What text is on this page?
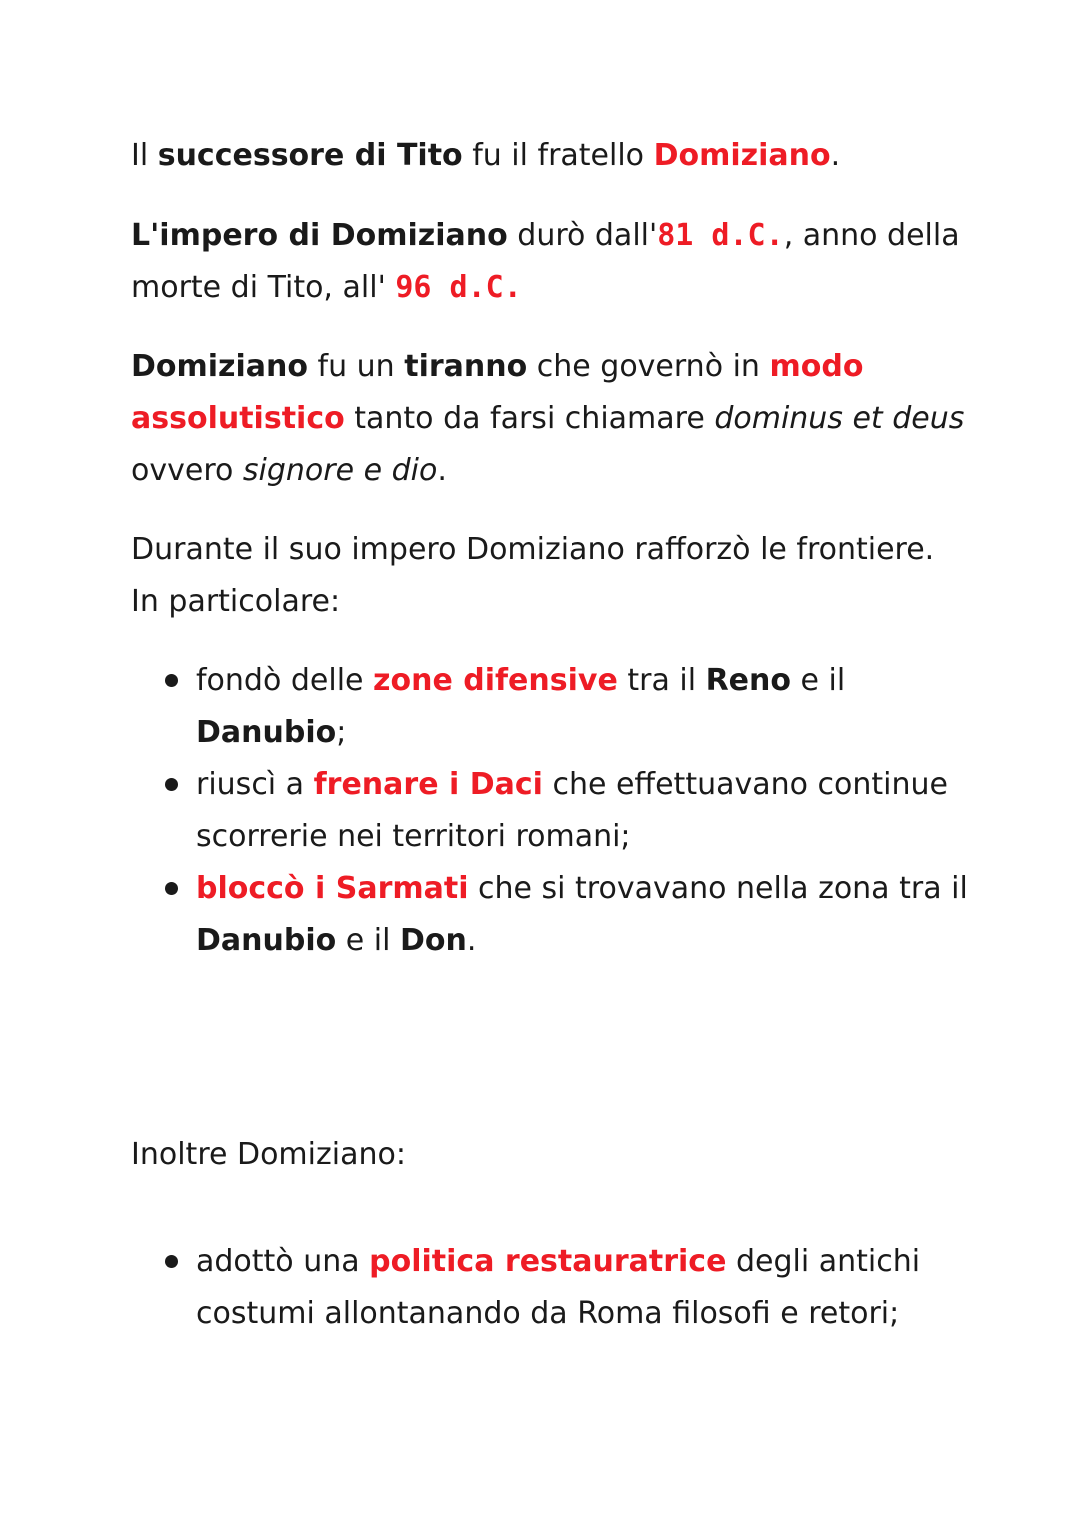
Il successore di Tito fu il fratello Domiziano.

L'impero di Domiziano durò dall'81 d.C., anno della morte di Tito, all' 96 d.C.

Domiziano fu un tiranno che governò in modo assolutistico tanto da farsi chiamare dominus et deus ovvero signore e dio.

Durante il suo impero Domiziano rafforzò le frontiere. In particolare:

fondò delle zone difensive tra il Reno e il Danubio;
riuscì a frenare i Daci che effettuavano continue scorrerie nei territori romani;
bloccò i Sarmati che si trovavano nella zona tra il Danubio e il Don.

Inoltre Domiziano:

adottò una politica restauratrice degli antichi costumi allontanando da Roma filosofi e retori;
